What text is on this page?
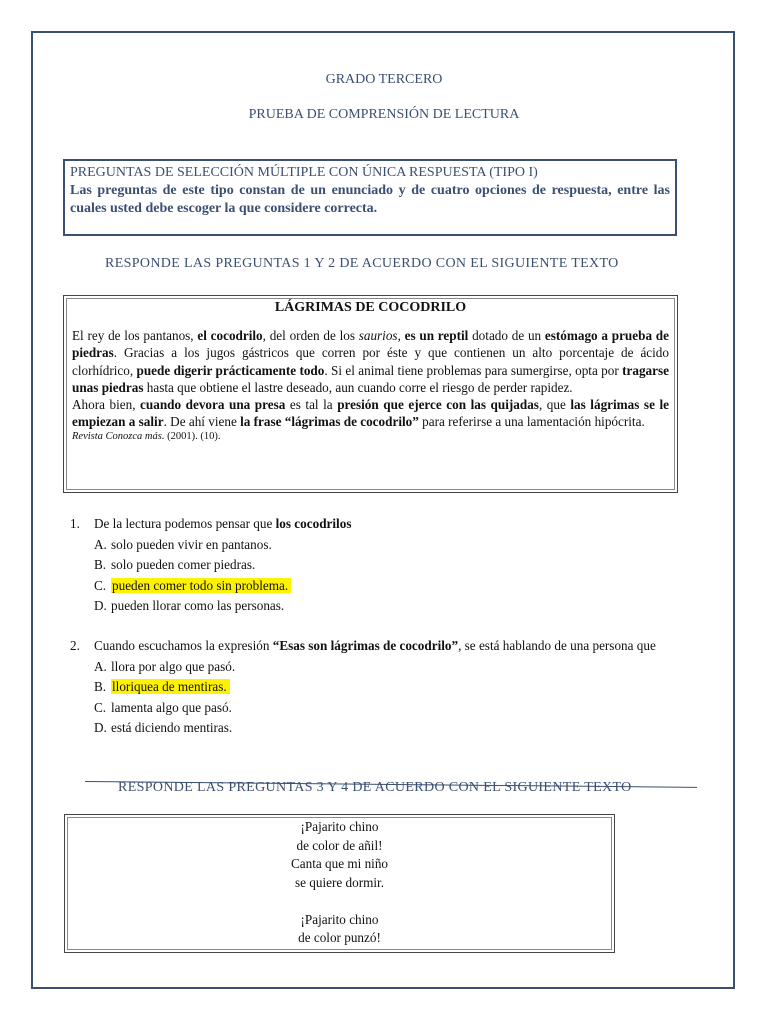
GRADO TERCERO
PRUEBA DE COMPRENSIÓN DE LECTURA
PREGUNTAS DE SELECCIÓN MÚLTIPLE CON ÚNICA RESPUESTA (TIPO I)
Las preguntas de este tipo constan de un enunciado y de cuatro opciones de respuesta, entre las cuales usted debe escoger la que considere correcta.
RESPONDE LAS PREGUNTAS 1 Y 2 DE ACUERDO CON EL SIGUIENTE TEXTO
LÁGRIMAS DE COCODRILO

El rey de los pantanos, el cocodrilo, del orden de los saurios, es un reptil dotado de un estómago a prueba de piedras. Gracias a los jugos gástricos que corren por éste y que contienen un alto porcentaje de ácido clorhídrico, puede digerir prácticamente todo. Si el animal tiene problemas para sumergirse, opta por tragarse unas piedras hasta que obtiene el lastre deseado, aun cuando corre el riesgo de perder rapidez.

Ahora bien, cuando devora una presa es tal la presión que ejerce con las quijadas, que las lágrimas se le empiezan a salir. De ahí viene la frase “lágrimas de cocodrilo” para referirse a una lamentación hipócrita.

Revista Conozca más. (2001). (10).

1.	De la lectura podemos pensar que los cocodrilos
A. solo pueden vivir en pantanos.
B. solo pueden comer piedras.
C. pueden comer todo sin problema.
D. pueden llorar como las personas.
2.	Cuando escuchamos la expresión “Esas son lágrimas de cocodrilo”, se está hablando de una persona que
A. llora por algo que pasó.
B. lloriquea de mentiras.
C. lamenta algo que pasó.
D. está diciendo mentiras.
RESPONDE LAS PREGUNTAS 3 Y 4 DE ACUERDO CON EL SIGUIENTE TEXTO
¡Pajarito chino
de color de añil!
Canta que mi niño
se quiere dormir.
¡Pajarito chino
de color punzó!
